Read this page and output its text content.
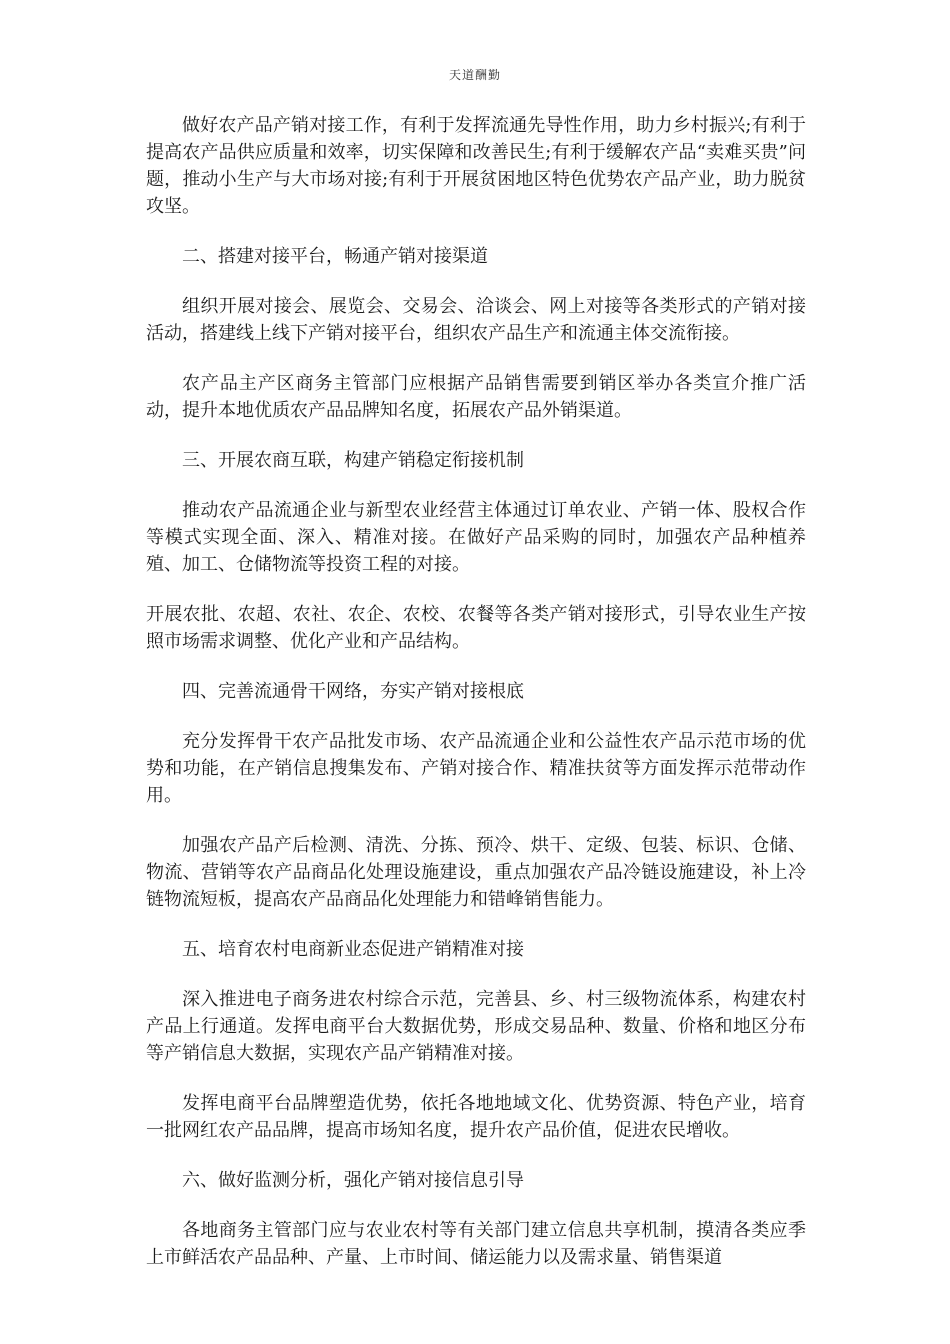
天道酬勤

做好农产品产销对接工作，有利于发挥流通先导性作用，助力乡村振兴;有利于提高农产品供应质量和效率，切实保障和改善民生;有利于缓解农产品“卖难买贵”问题，推动小生产与大市场对接;有利于开展贫困地区特色优势农产品产业，助力脱贫攻坚。

二、搭建对接平台，畅通产销对接渠道

组织开展对接会、展览会、交易会、洽谈会、网上对接等各类形式的产销对接活动，搭建线上线下产销对接平台，组织农产品生产和流通主体交流衔接。

农产品主产区商务主管部门应根据产品销售需要到销区举办各类宣介推广活动，提升本地优质农产品品牌知名度，拓展农产品外销渠道。

三、开展农商互联，构建产销稳定衔接机制

推动农产品流通企业与新型农业经营主体通过订单农业、产销一体、股权合作等模式实现全面、深入、精准对接。在做好产品采购的同时，加强农产品种植养殖、加工、仓储物流等投资工程的对接。

开展农批、农超、农社、农企、农校、农餐等各类产销对接形式，引导农业生产按照市场需求调整、优化产业和产品结构。

四、完善流通骨干网络，夯实产销对接根底

充分发挥骨干农产品批发市场、农产品流通企业和公益性农产品示范市场的优势和功能，在产销信息搜集发布、产销对接合作、精准扶贫等方面发挥示范带动作用。

加强农产品产后检测、清洗、分拣、预冷、烘干、定级、包装、标识、仓储、物流、营销等农产品商品化处理设施建设，重点加强农产品冷链设施建设，补上冷链物流短板，提高农产品商品化处理能力和错峰销售能力。

五、培育农村电商新业态促进产销精准对接

深入推进电子商务进农村综合示范，完善县、乡、村三级物流体系，构建农村产品上行通道。发挥电商平台大数据优势，形成交易品种、数量、价格和地区分布等产销信息大数据，实现农产品产销精准对接。

发挥电商平台品牌塑造优势，依托各地地域文化、优势资源、特色产业，培育一批网红农产品品牌，提高市场知名度，提升农产品价值，促进农民增收。

六、做好监测分析，强化产销对接信息引导

各地商务主管部门应与农业农村等有关部门建立信息共享机制，摸清各类应季上市鲜活农产品品种、产量、上市时间、储运能力以及需求量、销售渠道
